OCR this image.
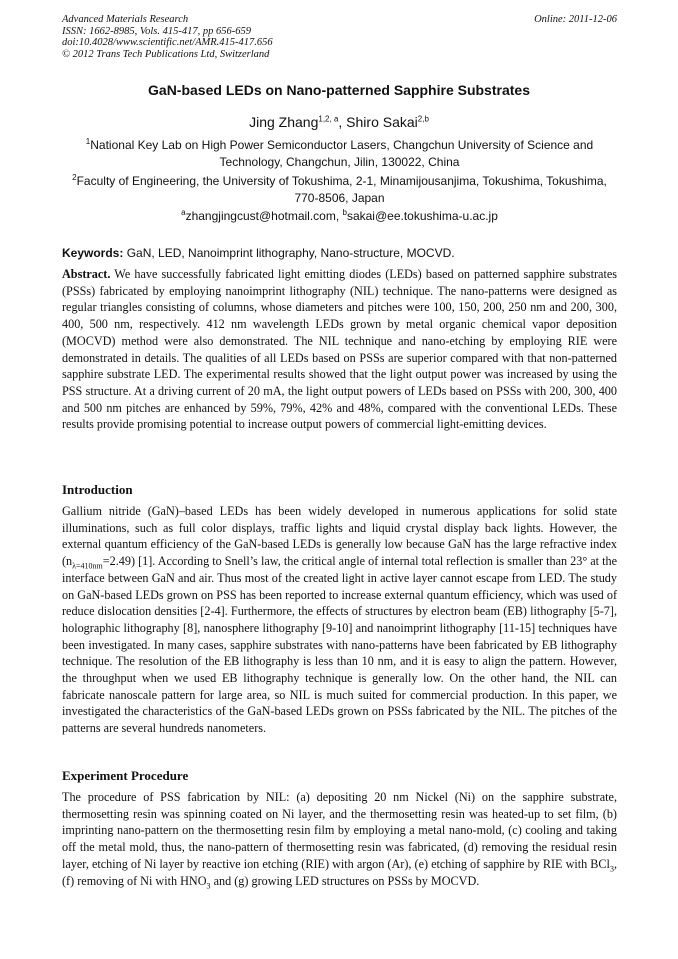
Advanced Materials Research
ISSN: 1662-8985, Vols. 415-417, pp 656-659
doi:10.4028/www.scientific.net/AMR.415-417.656
© 2012 Trans Tech Publications Ltd, Switzerland
Online: 2011-12-06
GaN-based LEDs on Nano-patterned Sapphire Substrates
Jing Zhang$^{1,2, a}$, Shiro Sakai$^{2,b}$
$^1$National Key Lab on High Power Semiconductor Lasers, Changchun University of Science and Technology, Changchun, Jilin, 130022, China
$^2$Faculty of Engineering, the University of Tokushima, 2-1, Minamijousanjima, Tokushima, Tokushima, 770-8506, Japan
$^a$zhangjingcust@hotmail.com, $^b$sakai@ee.tokushima-u.ac.jp
Keywords: GaN, LED, Nanoimprint lithography, Nano-structure, MOCVD.
Abstract. We have successfully fabricated light emitting diodes (LEDs) based on patterned sapphire substrates (PSSs) fabricated by employing nanoimprint lithography (NIL) technique. The nano-patterns were designed as regular triangles consisting of columns, whose diameters and pitches were 100, 150, 200, 250 nm and 200, 300, 400, 500 nm, respectively. 412 nm wavelength LEDs grown by metal organic chemical vapor deposition (MOCVD) method were also demonstrated. The NIL technique and nano-etching by employing RIE were demonstrated in details. The qualities of all LEDs based on PSSs are superior compared with that non-patterned sapphire substrate LED. The experimental results showed that the light output power was increased by using the PSS structure. At a driving current of 20 mA, the light output powers of LEDs based on PSSs with 200, 300, 400 and 500 nm pitches are enhanced by 59%, 79%, 42% and 48%, compared with the conventional LEDs. These results provide promising potential to increase output powers of commercial light-emitting devices.
Introduction
Gallium nitride (GaN)–based LEDs has been widely developed in numerous applications for solid state illuminations, such as full color displays, traffic lights and liquid crystal display back lights. However, the external quantum efficiency of the GaN-based LEDs is generally low because GaN has the large refractive index $(n_{\lambda=410nm}=2.49)$ [1]. According to Snell’s law, the critical angle of internal total reflection is smaller than 23° at the interface between GaN and air. Thus most of the created light in active layer cannot escape from LED. The study on GaN-based LEDs grown on PSS has been reported to increase external quantum efficiency, which was used of reduce dislocation densities [2-4]. Furthermore, the effects of structures by electron beam (EB) lithography [5-7], holographic lithography [8], nanosphere lithography [9-10] and nanoimprint lithography [11-15] techniques have been investigated. In many cases, sapphire substrates with nano-patterns have been fabricated by EB lithography technique. The resolution of the EB lithography is less than 10 nm, and it is easy to align the pattern. However, the throughput when we used EB lithography technique is generally low. On the other hand, the NIL can fabricate nanoscale pattern for large area, so NIL is much suited for commercial production. In this paper, we investigated the characteristics of the GaN-based LEDs grown on PSSs fabricated by the NIL. The pitches of the patterns are several hundreds nanometers.
Experiment Procedure
The procedure of PSS fabrication by NIL: (a) depositing 20 nm Nickel (Ni) on the sapphire substrate, thermosetting resin was spinning coated on Ni layer, and the thermosetting resin was heated-up to set film, (b) imprinting nano-pattern on the thermosetting resin film by employing a metal nano-mold, (c) cooling and taking off the metal mold, thus, the nano-pattern of thermosetting resin was fabricated, (d) removing the residual resin layer, etching of Ni layer by reactive ion etching (RIE) with argon (Ar), (e) etching of sapphire by RIE with BCl$_3$, (f) removing of Ni with $HNO_3$ and (g) growing LED structures on PSSs by MOCVD.
